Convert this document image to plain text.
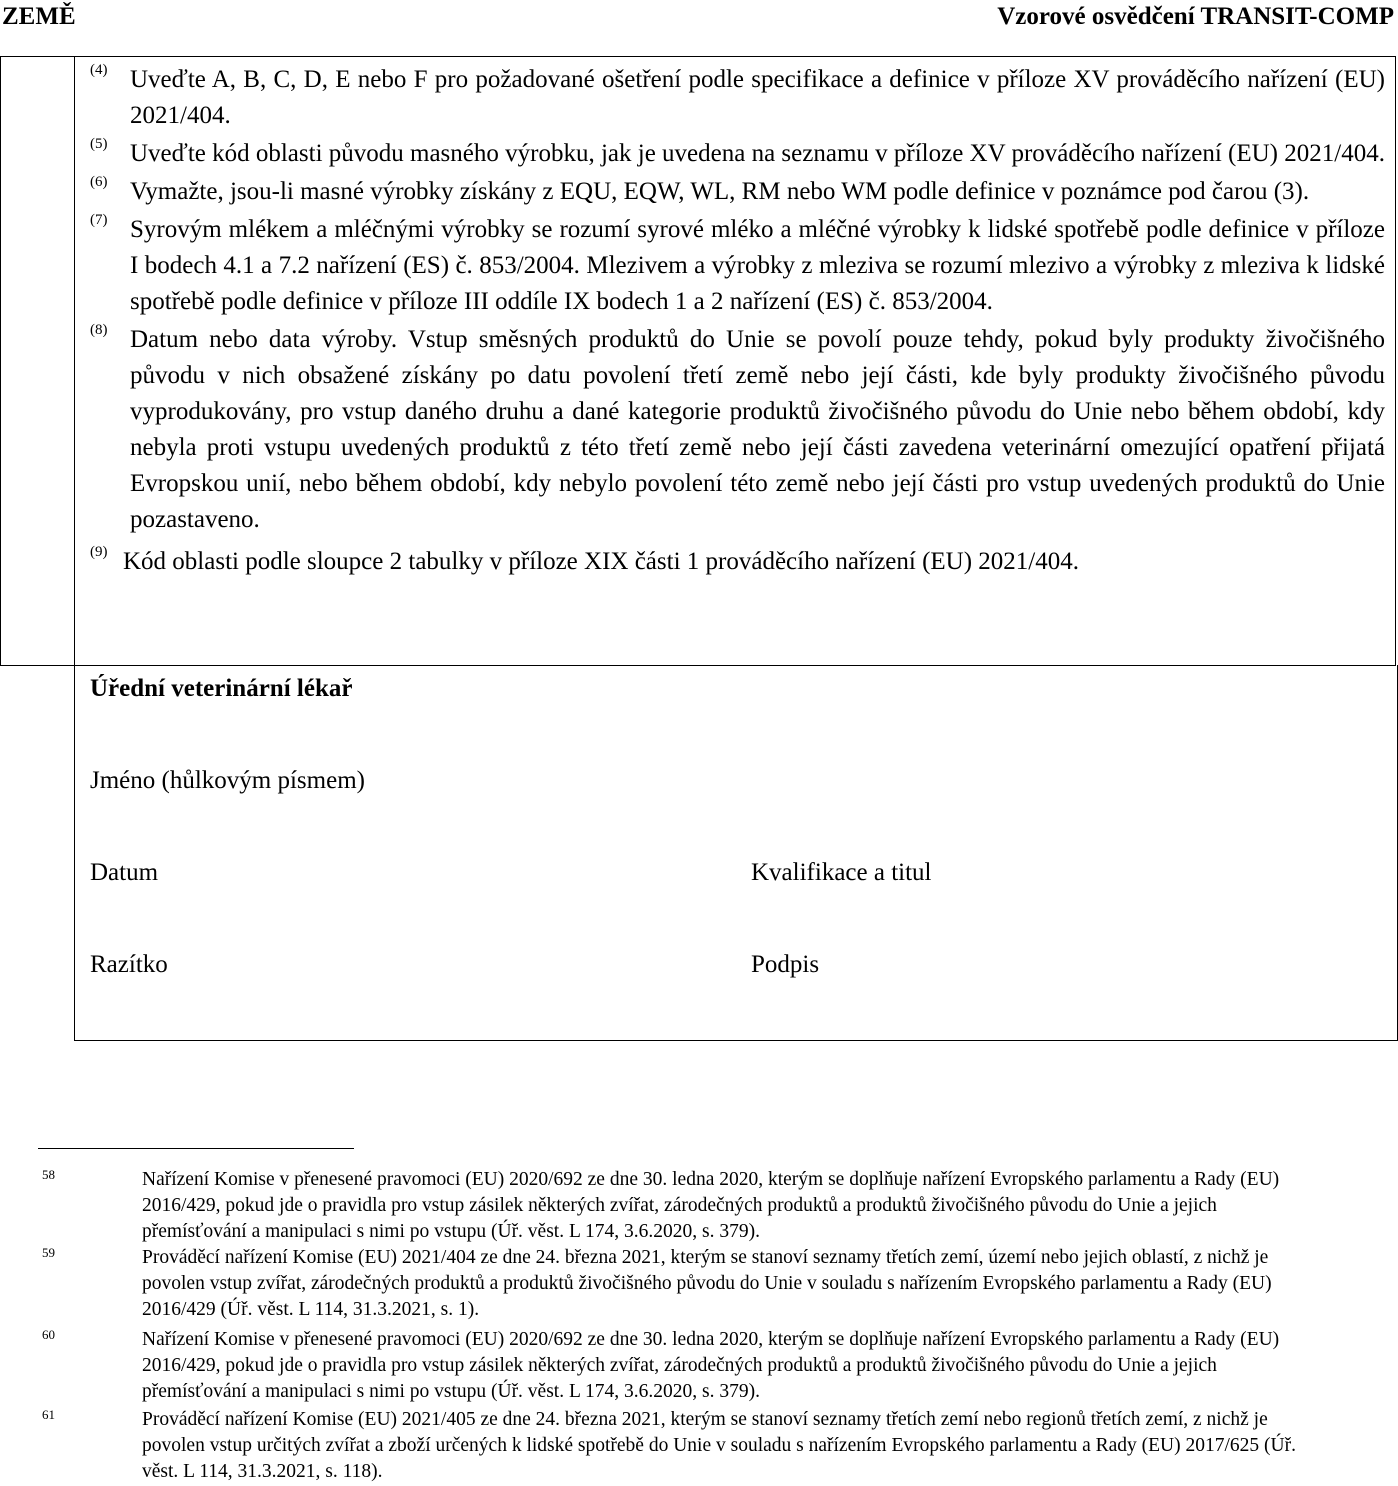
ZEMĚ	Vzorové osvědčení TRANSIT-COMP
(4) Uveďte A, B, C, D, E nebo F pro požadované ošetření podle specifikace a definice v příloze XV prováděcího nařízení (EU) 2021/404.
(5) Uveďte kód oblasti původu masného výrobku, jak je uvedena na seznamu v příloze XV prováděcího nařízení (EU) 2021/404.
(6) Vymažte, jsou-li masné výrobky získány z EQU, EQW, WL, RM nebo WM podle definice v poznámce pod čarou (3).
(7) Syrovým mlékem a mléčnými výrobky se rozumí syrové mléko a mléčné výrobky k lidské spotřebě podle definice v příloze I bodech 4.1 a 7.2 nařízení (ES) č. 853/2004. Mlezivem a výrobky z mleziva se rozumí mlezivo a výrobky z mleziva k lidské spotřebě podle definice v příloze III oddíle IX bodech 1 a 2 nařízení (ES) č. 853/2004.
(8) Datum nebo data výroby. Vstup směsných produktů do Unie se povolí pouze tehdy, pokud byly produkty živočišného původu v nich obsažené získány po datu povolení třetí země nebo její části, kde byly produkty živočišného původu vyprodukovány, pro vstup daného druhu a dané kategorie produktů živočišného původu do Unie nebo během období, kdy nebyla proti vstupu uvedených produktů z této třetí země nebo její části zavedena veterinární omezující opatření přijatá Evropskou unií, nebo během období, kdy nebylo povolení této země nebo její části pro vstup uvedených produktů do Unie pozastaveno.
(9) Kód oblasti podle sloupce 2 tabulky v příloze XIX části 1 prováděcího nařízení (EU) 2021/404.
Úřední veterinární lékař
Jméno (hůlkovým písmem)
Datum	Kvalifikace a titul
Razítko	Podpis
58	Nařízení Komise v přenesené pravomoci (EU) 2020/692 ze dne 30. ledna 2020, kterým se doplňuje nařízení Evropského parlamentu a Rady (EU) 2016/429, pokud jde o pravidla pro vstup zásilek některých zvířat, zárodečných produktů a produktů živočišného původu do Unie a jejich přemísťování a manipulaci s nimi po vstupu (Úř. věst. L 174, 3.6.2020, s. 379).
59	Prováděcí nařízení Komise (EU) 2021/404 ze dne 24. března 2021, kterým se stanoví seznamy třetích zemí, území nebo jejich oblastí, z nichž je povolen vstup zvířat, zárodečných produktů a produktů živočišného původu do Unie v souladu s nařízením Evropského parlamentu a Rady (EU) 2016/429 (Úř. věst. L 114, 31.3.2021, s. 1).
60	Nařízení Komise v přenesené pravomoci (EU) 2020/692 ze dne 30. ledna 2020, kterým se doplňuje nařízení Evropského parlamentu a Rady (EU) 2016/429, pokud jde o pravidla pro vstup zásilek některých zvířat, zárodečných produktů a produktů živočišného původu do Unie a jejich přemísťování a manipulaci s nimi po vstupu (Úř. věst. L 174, 3.6.2020, s. 379).
61	Prováděcí nařízení Komise (EU) 2021/405 ze dne 24. března 2021, kterým se stanoví seznamy třetích zemí nebo regionů třetích zemí, z nichž je povolen vstup určitých zvířat a zboží určených k lidské spotřebě do Unie v souladu s nařízením Evropského parlamentu a Rady (EU) 2017/625 (Úř. věst. L 114, 31.3.2021, s. 118).
